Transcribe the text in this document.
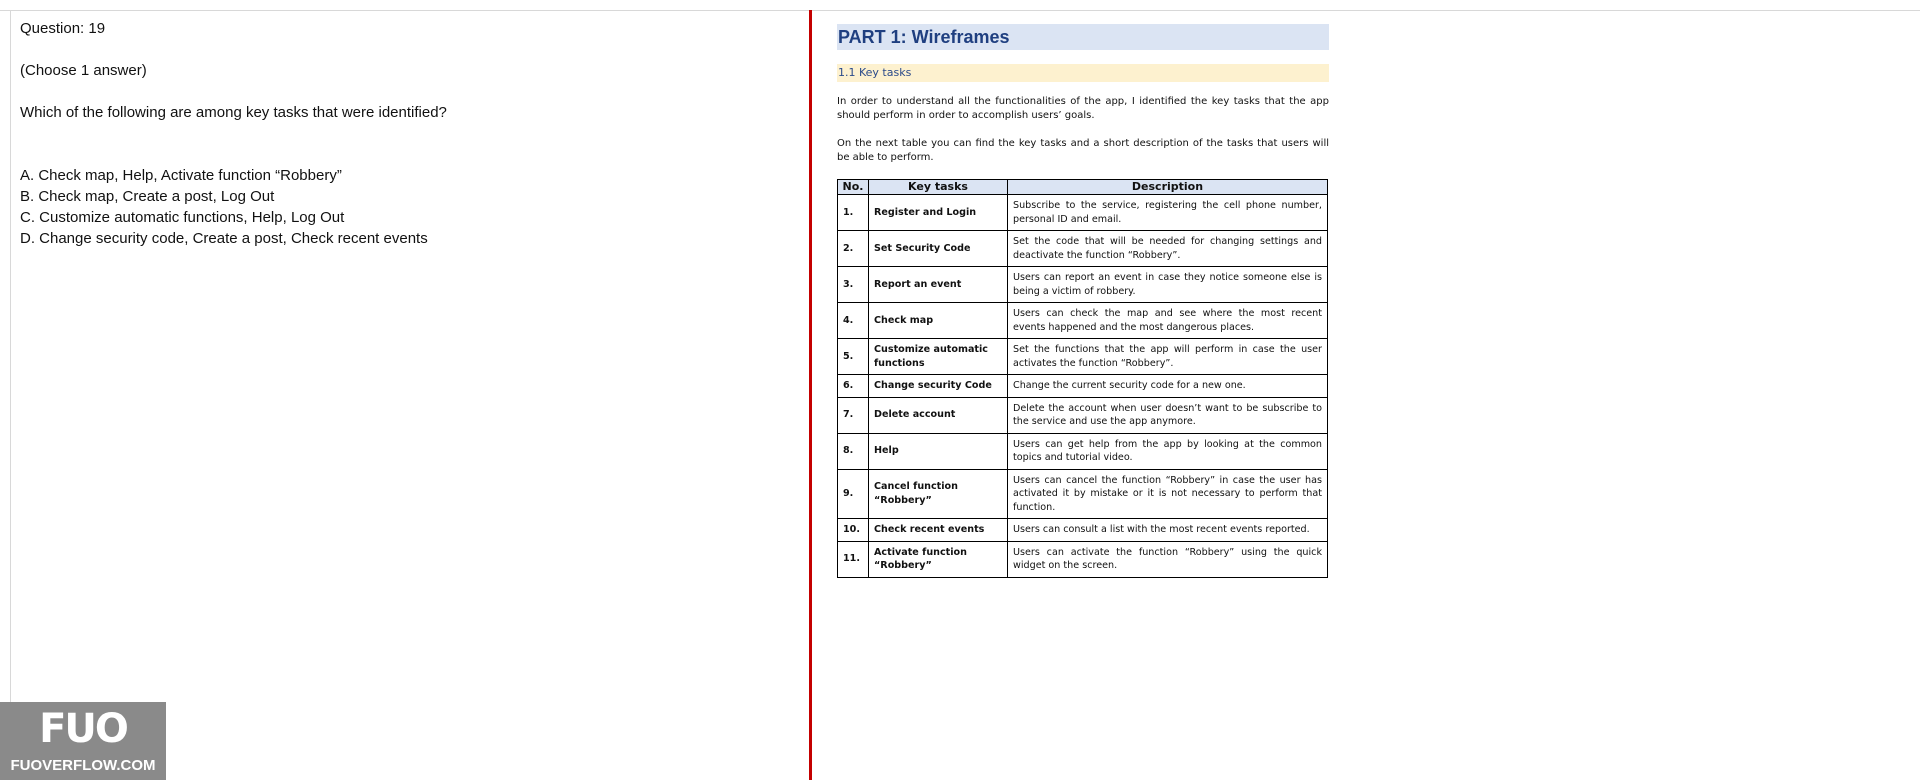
Question: 19
(Choose 1 answer)
Which of the following are among key tasks that were identified?
A. Check map, Help, Activate function “Robbery”
B. Check map, Create a post, Log Out
C. Customize automatic functions, Help, Log Out
D. Change security code, Create a post, Check recent events
PART 1: Wireframes
1.1 Key tasks

In order to understand all the functionalities of the app, I identified the key tasks that the app should perform in order to accomplish users’ goals.

On the next table you can find the key tasks and a short description of the tasks that users will be able to perform.

No.	Key tasks	Description
1.	Register and Login	Subscribe to the service, registering the cell phone number, personal ID and email.
2.	Set Security Code	Set the code that will be needed for changing settings and deactivate the function “Robbery”.
3.	Report an event	Users can report an event in case they notice someone else is being a victim of robbery.
4.	Check map	Users can check the map and see where the most recent events happened and the most dangerous places.
5.	Customize automatic functions	Set the functions that the app will perform in case the user activates the function “Robbery”.
6.	Change security Code	Change the current security code for a new one.
7.	Delete account	Delete the account when user doesn’t want to be subscribe to the service and use the app anymore.
8.	Help	Users can get help from the app by looking at the common topics and tutorial video.
9.	Cancel function “Robbery”	Users can cancel the function “Robbery” in case the user has activated it by mistake or it is not necessary to perform that function.
10.	Check recent events	Users can consult a list with the most recent events reported.
11.	Activate function “Robbery”	Users can activate the function “Robbery” using the quick widget on the screen.
FUO
FUOVERFLOW.COM
